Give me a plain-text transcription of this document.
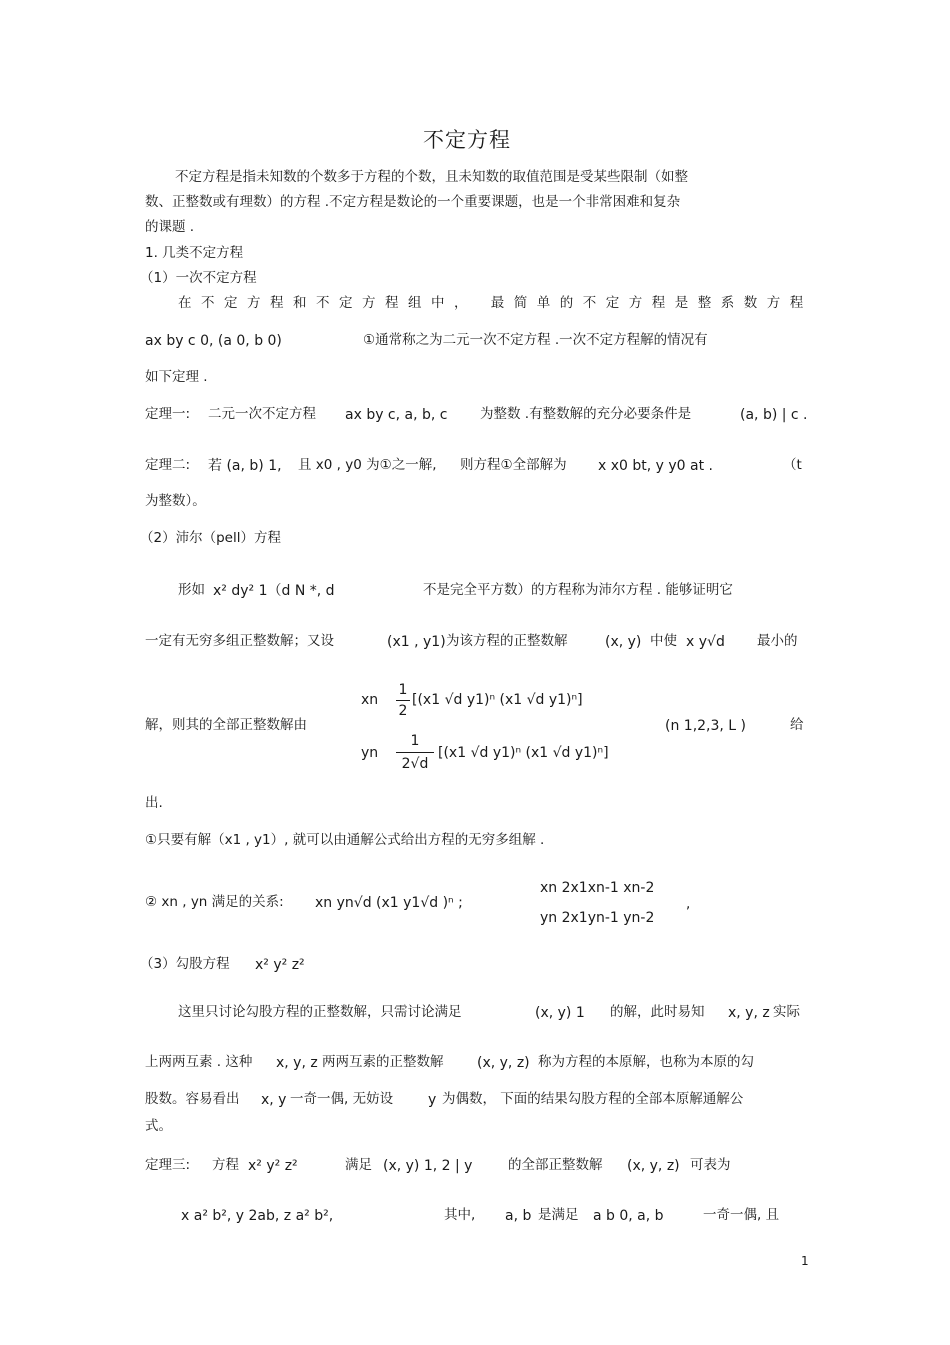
不定方程
不定方程是指未知数的个数多于方程的个数，且未知数的取值范围是受某些限制（如整
数、正整数或有理数）的方程 .不定方程是数论的一个重要课题，也是一个非常困难和复杂
的课题 .
1. 几类不定方程
（1）一次不定方程
在不定方程和不定方程组中， 最简单的不定方程是整系数方程
ax by c 0, (a 0, b 0)	①通常称之为二元一次不定方程 .一次不定方程解的情况有
如下定理 .
定理一: 二元一次不定方程 ax by c, a, b, c 为整数 .有整数解的充分必要条件是	(a, b) | c .
定理二: 若 (a, b) 1, 且 x0 , y0 为①之一解, 则方程①全部解为 x x0 bt, y y0 at .	（t
为整数）。
（2）沛尔（pell）方程
形如 x² dy² 1（d N *, d	不是完全平方数）的方程称为沛尔方程 . 能够证明它
一定有无穷多组正整数解；又设	(x1 , y1) 为该方程的正整数解	(x, y) 中使 x y√d 最小的
解，则其的全部正整数解由
xn
1
2
[(x1 √d y1)ⁿ (x1 √d y1)ⁿ]
yn
1
2√d
[(x1 √d y1)ⁿ (x1 √d y1)ⁿ]
(n 1,2,3, L )	给
出.
①只要有解（x1 , y1）, 就可以由通解公式给出方程的无穷多组解 .
② xn , yn 满足的关系: xn yn√d (x1 y1√d )ⁿ ;
xn 2x1xn-1 xn-2
yn 2x1yn-1 yn-2
,
（3）勾股方程 x² y² z²
这里只讨论勾股方程的正整数解，只需讨论满足	(x, y) 1 的解，此时易知 x, y, z 实际
上两两互素 . 这种 x, y, z 两两互素的正整数解 (x, y, z) 称为方程的本原解，也称为本原的勾
股数。容易看出 x, y 一奇一偶, 无妨设 y 为偶数， 下面的结果勾股方程的全部本原解通解公
式。
定理三: 方程 x² y² z²	满足 (x, y) 1, 2 | y	的全部正整数解 (x, y, z) 可表为
x a² b², y 2ab, z a² b²,	其中, a, b 是满足 a b 0, a, b	一奇一偶, 且
1
